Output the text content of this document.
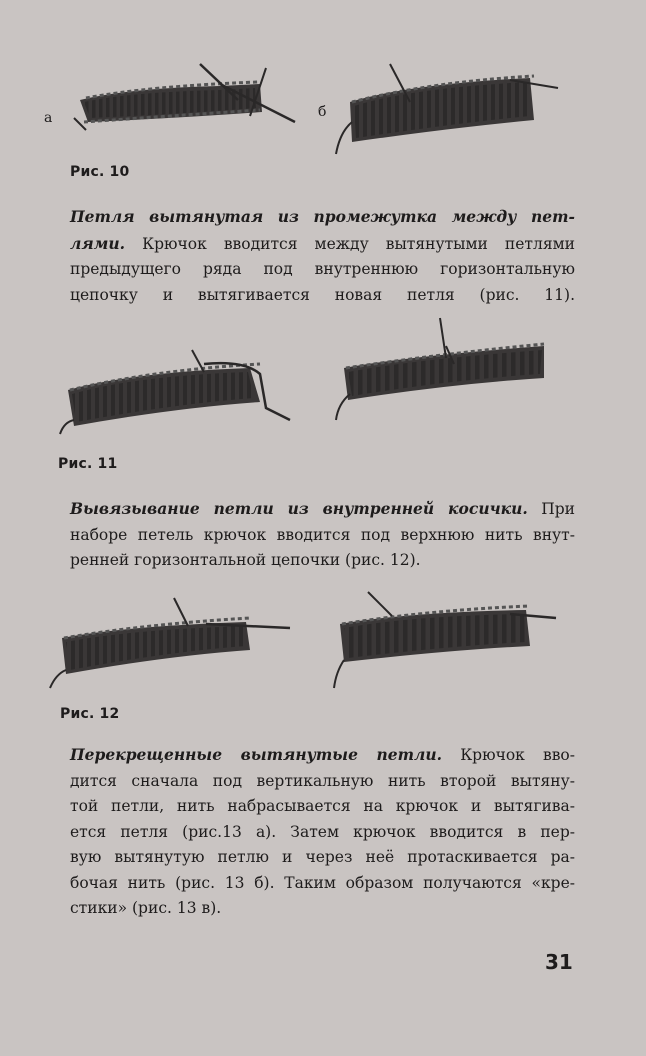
а	б
Рис. 10
Петля вытянутая из промежутка между пет-
лями. Крючок вводится между вытянутыми петлями
предыдущего ряда под внутреннюю горизонтальную
цепочку и вытягивается новая петля (рис. 11).
Рис. 11
Вывязывание петли из внутренней косички. При
наборе петель крючок вводится под верхнюю нить внут-
ренней горизонтальной цепочки (рис. 12).
Рис. 12
Перекрещенные вытянутые петли. Крючок вво-
дится сначала под вертикальную нить второй вытяну-
той петли, нить набрасывается на крючок и вытягива-
ется петля (рис.13 а). Затем крючок вводится в пер-
вую вытянутую петлю и через неё протаскивается ра-
бочая нить (рис. 13 б). Таким образом получаются «кре-
стики» (рис. 13 в).
31
